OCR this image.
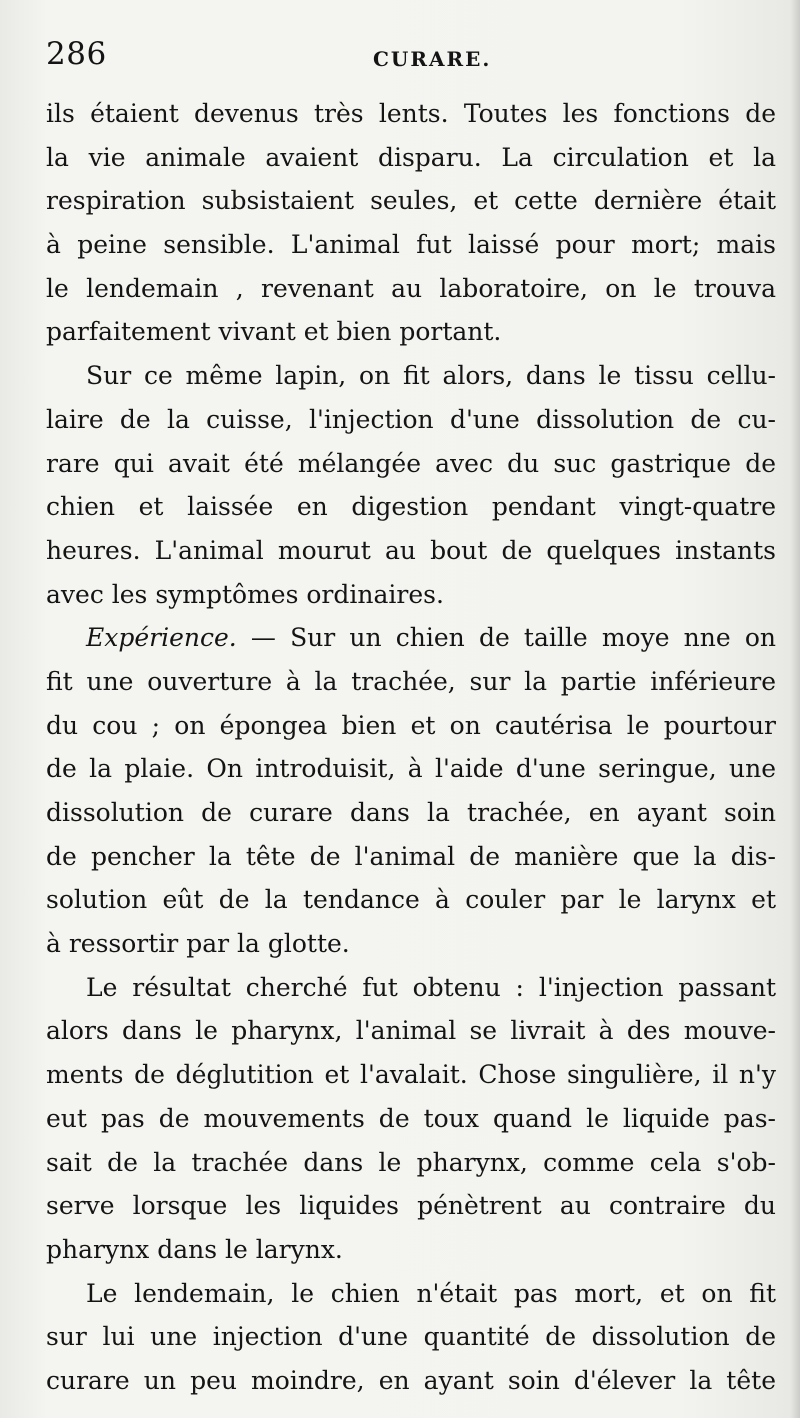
286	CURARE.
ils étaient devenus très lents. Toutes les fonctions de
la vie animale avaient disparu. La circulation et la
respiration subsistaient seules, et cette dernière était
à peine sensible. L'animal fut laissé pour mort; mais
le lendemain , revenant au laboratoire, on le trouva
parfaitement vivant et bien portant.
Sur ce même lapin, on fit alors, dans le tissu cellu-
laire de la cuisse, l'injection d'une dissolution de cu-
rare qui avait été mélangée avec du suc gastrique de
chien et laissée en digestion pendant vingt-quatre
heures. L'animal mourut au bout de quelques instants
avec les symptômes ordinaires.
Expérience. — Sur un chien de taille moye nne on
fit une ouverture à la trachée, sur la partie inférieure
du cou ; on épongea bien et on cautérisa le pourtour
de la plaie. On introduisit, à l'aide d'une seringue, une
dissolution de curare dans la trachée, en ayant soin
de pencher la tête de l'animal de manière que la dis-
solution eût de la tendance à couler par le larynx et
à ressortir par la glotte.
Le résultat cherché fut obtenu : l'injection passant
alors dans le pharynx, l'animal se livrait à des mouve-
ments de déglutition et l'avalait. Chose singulière, il n'y
eut pas de mouvements de toux quand le liquide pas-
sait de la trachée dans le pharynx, comme cela s'ob-
serve lorsque les liquides pénètrent au contraire du
pharynx dans le larynx.
Le lendemain, le chien n'était pas mort, et on fit
sur lui une injection d'une quantité de dissolution de
curare un peu moindre, en ayant soin d'élever la tête
